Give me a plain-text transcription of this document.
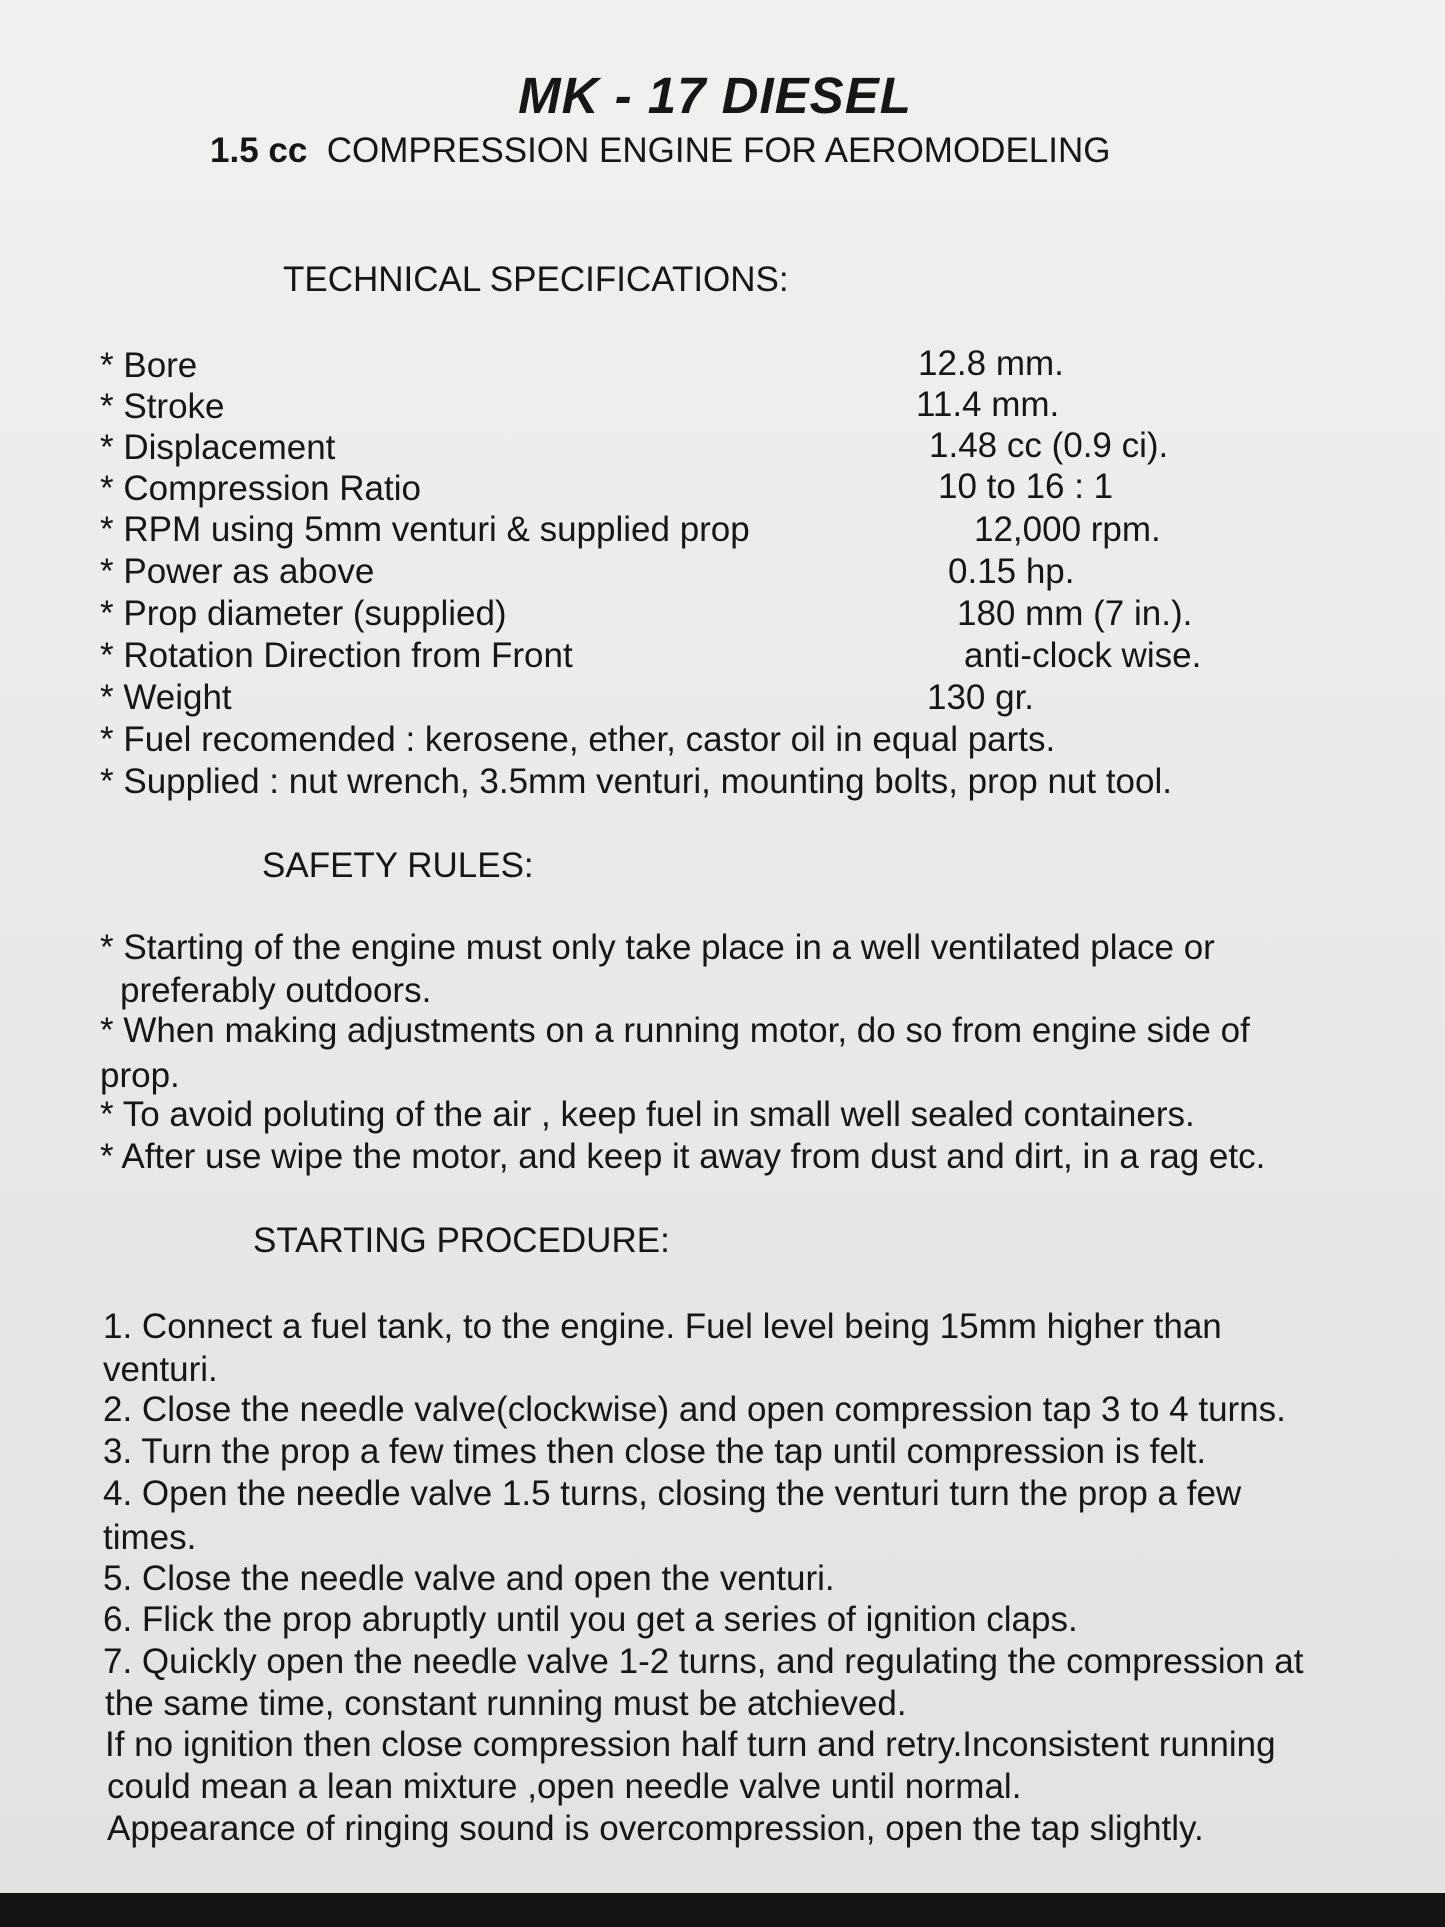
MK - 17 DIESEL
1.5 cc COMPRESSION ENGINE FOR AEROMODELING
TECHNICAL SPECIFICATIONS:
* Bore	12.8 mm.
* Stroke	11.4 mm.
* Displacement	1.48 cc (0.9 ci).
* Compression Ratio	10 to 16 : 1
* RPM using 5mm venturi & supplied prop	12,000 rpm.
* Power as above	0.15 hp.
* Prop diameter (supplied)	180 mm (7 in.).
* Rotation Direction from Front	anti-clock wise.
* Weight	130 gr.
* Fuel recomended : kerosene, ether, castor oil in equal parts.
* Supplied : nut wrench, 3.5mm venturi, mounting bolts, prop nut tool.
SAFETY RULES:
* Starting of the engine must only take place in a well ventilated place or
preferably outdoors.
* When making adjustments on a running motor, do so from engine side of
prop.
* To avoid poluting of the air , keep fuel in small well sealed containers.
* After use wipe the motor, and keep it away from dust and dirt, in a rag etc.
STARTING PROCEDURE:
1. Connect a fuel tank, to the engine. Fuel level being 15mm higher than
venturi.
2. Close the needle valve(clockwise) and open compression tap 3 to 4 turns.
3. Turn the prop a few times then close the tap until compression is felt.
4. Open the needle valve 1.5 turns, closing the venturi turn the prop a few
times.
5. Close the needle valve and open the venturi.
6. Flick the prop abruptly until you get a series of ignition claps.
7. Quickly open the needle valve 1-2 turns, and regulating the compression at
the same time, constant running must be atchieved.
If no ignition then close compression half turn and retry.Inconsistent running
could mean a lean mixture ,open needle valve until normal.
Appearance of ringing sound is overcompression, open the tap slightly.
